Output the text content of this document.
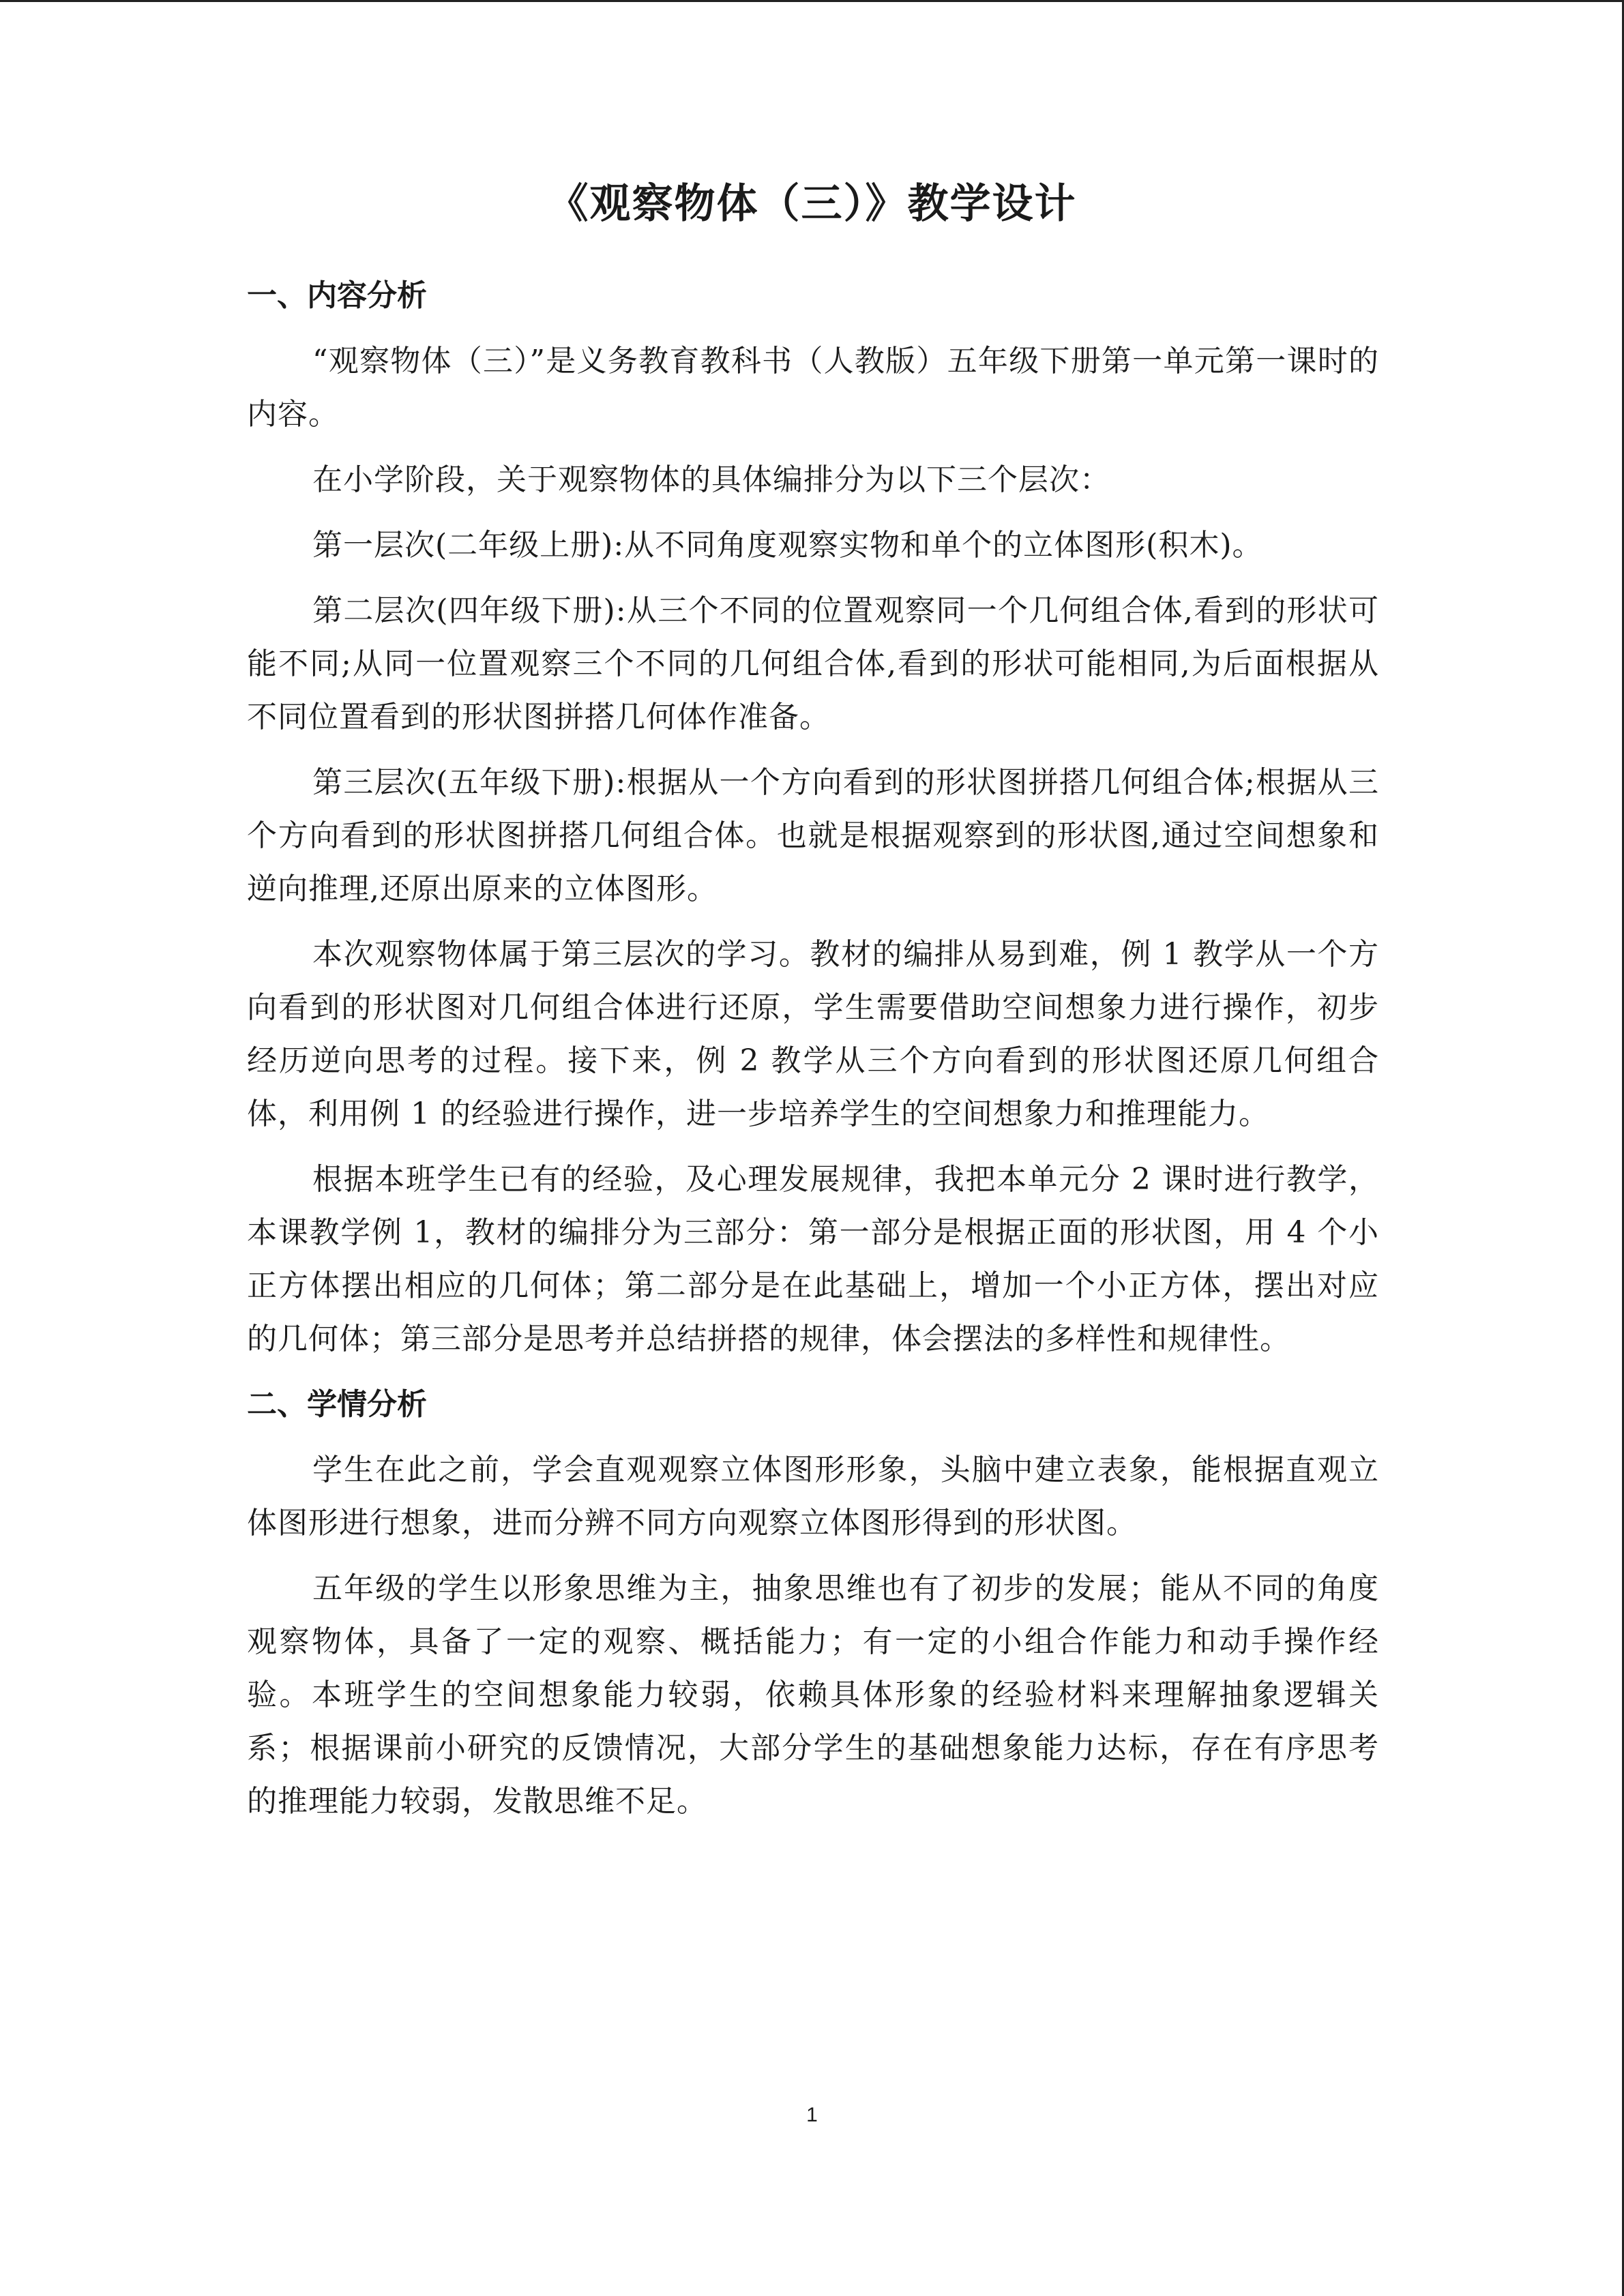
《观察物体（三）》教学设计
一、内容分析

“观察物体（三）”是义务教育教科书（人教版）五年级下册第一单元第一课时的内容。

在小学阶段，关于观察物体的具体编排分为以下三个层次：

第一层次(二年级上册):从不同角度观察实物和单个的立体图形(积木)。

第二层次(四年级下册):从三个不同的位置观察同一个几何组合体,看到的形状可能不同;从同一位置观察三个不同的几何组合体,看到的形状可能相同,为后面根据从不同位置看到的形状图拼搭几何体作准备。

第三层次(五年级下册):根据从一个方向看到的形状图拼搭几何组合体;根据从三个方向看到的形状图拼搭几何组合体。也就是根据观察到的形状图,通过空间想象和逆向推理,还原出原来的立体图形。

本次观察物体属于第三层次的学习。教材的编排从易到难，例 1 教学从一个方向看到的形状图对几何组合体进行还原，学生需要借助空间想象力进行操作，初步经历逆向思考的过程。接下来，例 2 教学从三个方向看到的形状图还原几何组合体，利用例 1 的经验进行操作，进一步培养学生的空间想象力和推理能力。

根据本班学生已有的经验，及心理发展规律，我把本单元分 2 课时进行教学，本课教学例 1，教材的编排分为三部分：第一部分是根据正面的形状图，用 4 个小正方体摆出相应的几何体；第二部分是在此基础上，增加一个小正方体，摆出对应的几何体；第三部分是思考并总结拼搭的规律，体会摆法的多样性和规律性。

二、学情分析

学生在此之前，学会直观观察立体图形形象，头脑中建立表象，能根据直观立体图形进行想象，进而分辨不同方向观察立体图形得到的形状图。

五年级的学生以形象思维为主，抽象思维也有了初步的发展；能从不同的角度观察物体，具备了一定的观察、概括能力；有一定的小组合作能力和动手操作经验。本班学生的空间想象能力较弱，依赖具体形象的经验材料来理解抽象逻辑关系；根据课前小研究的反馈情况，大部分学生的基础想象能力达标，存在有序思考的推理能力较弱，发散思维不足。

1
